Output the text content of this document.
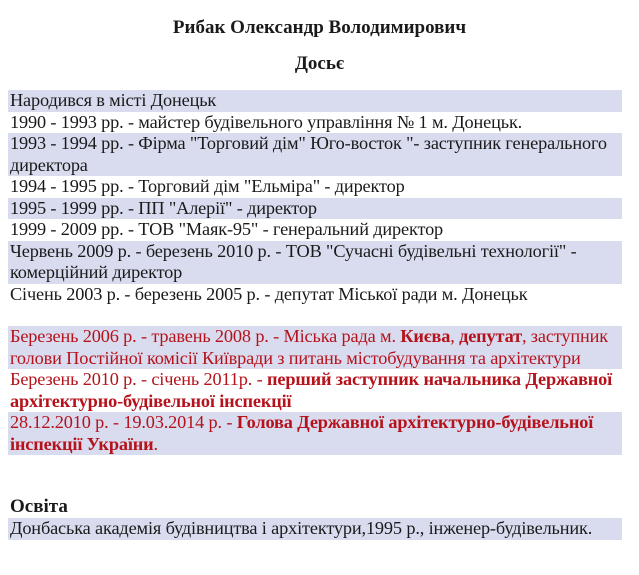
Рибак Олександр Володимирович
Досьє
Народився в місті Донецьк
1990 - 1993 рр. - майстер будівельного управління № 1 м. Донецьк.
1993 - 1994 рр. - Фірма "Торговий дім" Юго-восток "- заступник генерального директора
1994 - 1995 рр. - Торговий дім "Ельміра" - директор
1995 - 1999 рр. - ПП "Алерії" - директор
1999 - 2009 рр. - ТОВ "Маяк-95" - генеральний директор
Червень 2009 р. - березень 2010 р. - ТОВ "Сучасні будівельні технології" - комерційний директор
Січень 2003 р. - березень 2005 р. - депутат Міської ради м. Донецьк
Березень 2006 р. - травень 2008 р. - Міська рада м. Києва, депутат, заступник голови Постійної комісії Київради з питань містобудування та архітектури
Березень 2010 р. - січень 2011р. - перший заступник начальника Державної архітектурно-будівельної інспекції
28.12.2010 р. - 19.03.2014 р. - Голова Державної архітектурно-будівельної інспекції України.
Освіта
Донбаська академія будівництва і архітектури,1995 р., інженер-будівельник.
